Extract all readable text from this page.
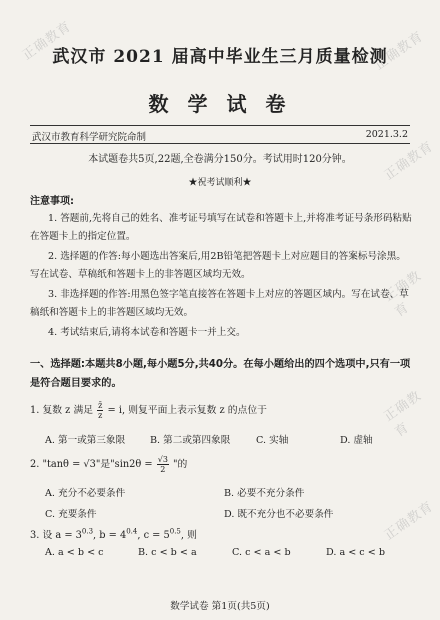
正确教育	正确教育
正确教育
正确教育
正确教育
正确教育
武汉市 2021 届高中毕业生三月质量检测
数 学 试 卷
武汉市教育科学研究院命制	2021.3.2
本试题卷共5页,22题,全卷满分150分。考试用时120分钟。
★祝考试顺利★
注意事项:
1. 答题前,先将自己的姓名、准考证号填写在试卷和答题卡上,并将准考证号条形码粘贴在答题卡上的指定位置。
2. 选择题的作答:每小题选出答案后,用2B铅笔把答题卡上对应题目的答案标号涂黑。写在试卷、草稿纸和答题卡上的非答题区域均无效。
3. 非选择题的作答:用黑色签字笔直接答在答题卡上对应的答题区域内。写在试卷、草稿纸和答题卡上的非答题区域均无效。
4. 考试结束后,请将本试卷和答题卡一并上交。
一、选择题:本题共8小题,每小题5分,共40分。在每小题给出的四个选项中,只有一项是符合题目要求的。
1. 复数 z 满足 $\frac{z̄}{z} = i$, 则复平面上表示复数 z 的点位于
A. 第一或第三象限	B. 第二或第四象限	C. 实轴	D. 虚轴
2. "tanθ = √3"是"$\sin 2\theta = \frac{√3}{2}$ "的
A. 充分不必要条件	B. 必要不充分条件
C. 充要条件	D. 既不充分也不必要条件
3. 设 $a = 3^{0.3}$, $b = 4^{0.4}$, $c = 5^{0.5}$, 则
A. a < b < c	B. c < b < a	C. c < a < b	D. a < c < b
数学试卷 第1页(共5页)
